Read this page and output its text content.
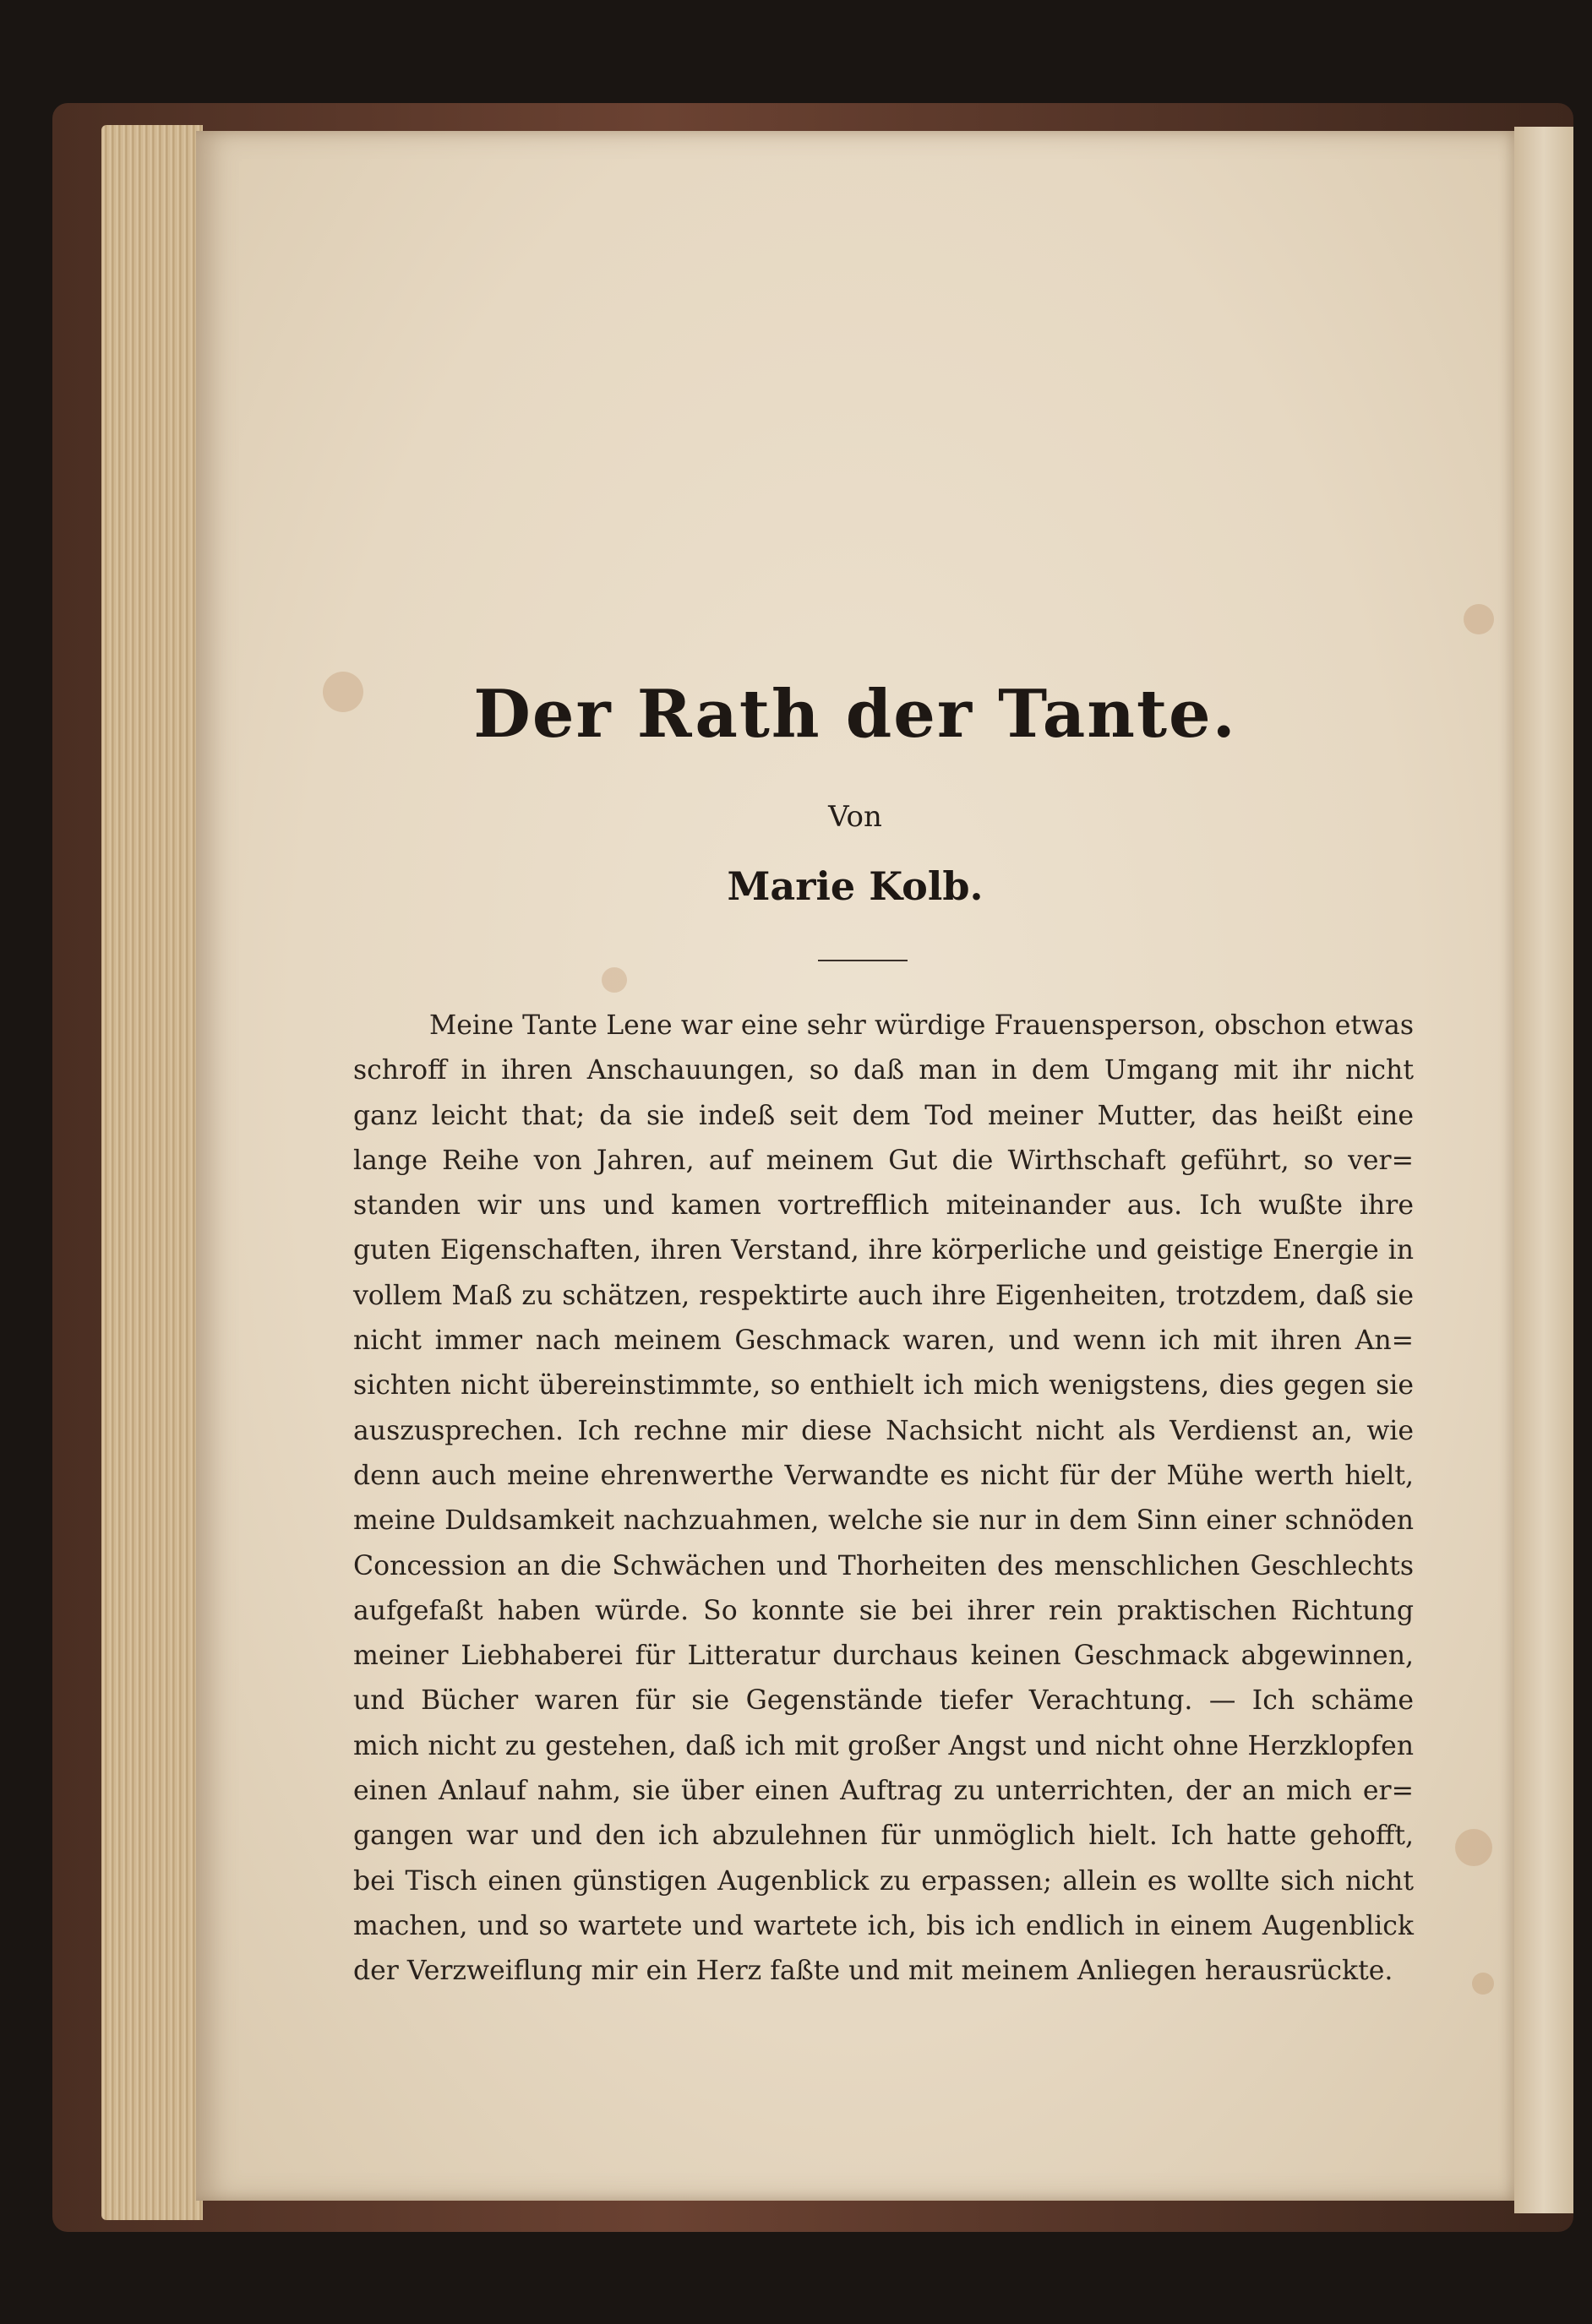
Der Rath der Tante.
Von
Marie Kolb.
Meine Tante Lene war eine sehr würdige Frauensperson, obschon etwas
schroff in ihren Anschauungen, so daß man in dem Umgang mit ihr nicht
ganz leicht that; da sie indeß seit dem Tod meiner Mutter, das heißt eine
lange Reihe von Jahren, auf meinem Gut die Wirthschaft geführt, so ver=
standen wir uns und kamen vortrefflich miteinander aus. Ich wußte ihre
guten Eigenschaften, ihren Verstand, ihre körperliche und geistige Energie in
vollem Maß zu schätzen, respektirte auch ihre Eigenheiten, trotzdem, daß sie
nicht immer nach meinem Geschmack waren, und wenn ich mit ihren An=
sichten nicht übereinstimmte, so enthielt ich mich wenigstens, dies gegen sie
auszusprechen. Ich rechne mir diese Nachsicht nicht als Verdienst an, wie
denn auch meine ehrenwerthe Verwandte es nicht für der Mühe werth hielt,
meine Duldsamkeit nachzuahmen, welche sie nur in dem Sinn einer schnöden
Concession an die Schwächen und Thorheiten des menschlichen Geschlechts
aufgefaßt haben würde. So konnte sie bei ihrer rein praktischen Richtung
meiner Liebhaberei für Litteratur durchaus keinen Geschmack abgewinnen,
und Bücher waren für sie Gegenstände tiefer Verachtung. — Ich schäme
mich nicht zu gestehen, daß ich mit großer Angst und nicht ohne Herzklopfen
einen Anlauf nahm, sie über einen Auftrag zu unterrichten, der an mich er=
gangen war und den ich abzulehnen für unmöglich hielt. Ich hatte gehofft,
bei Tisch einen günstigen Augenblick zu erpassen; allein es wollte sich nicht
machen, und so wartete und wartete ich, bis ich endlich in einem Augenblick
der Verzweiflung mir ein Herz faßte und mit meinem Anliegen herausrückte.
